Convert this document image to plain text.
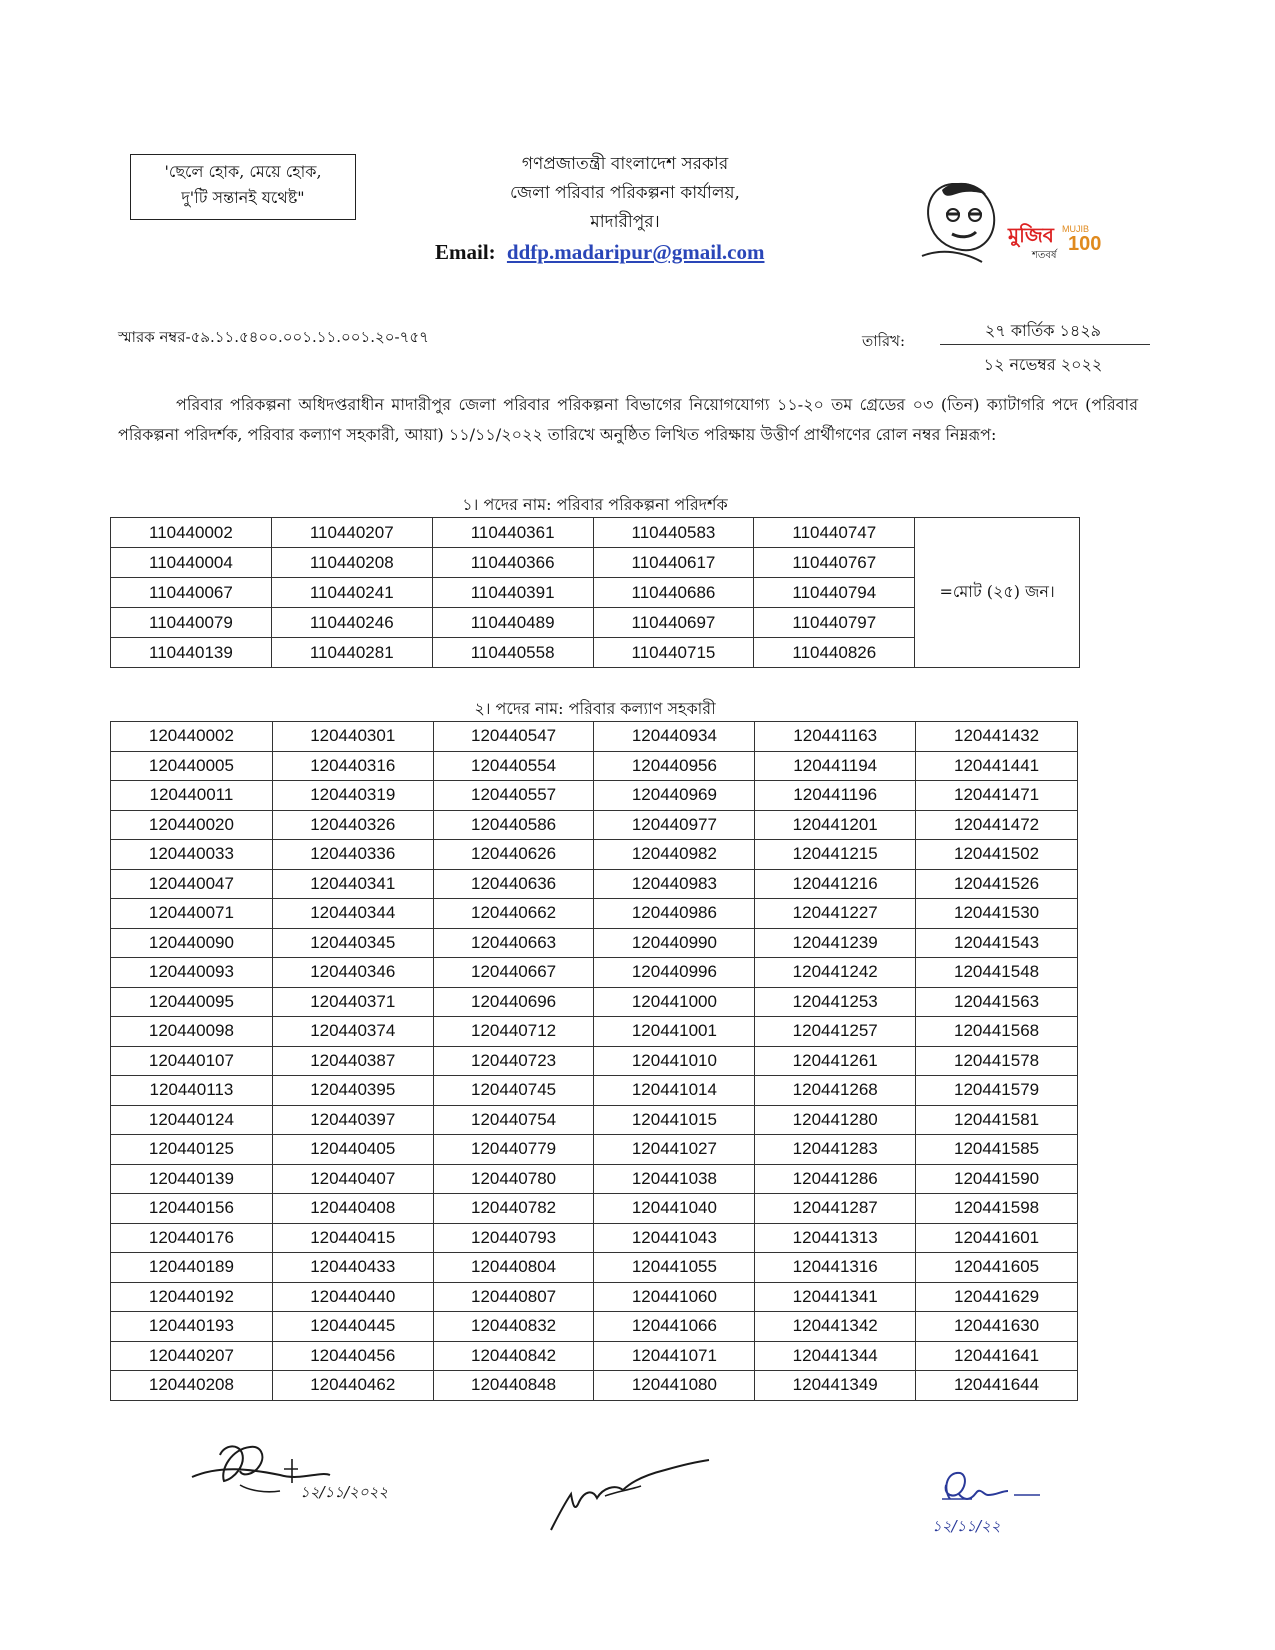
'ছেলে হোক, মেয়ে হোক,
দু'টি সন্তানই যথেষ্ট"
গণপ্রজাতন্ত্রী বাংলাদেশ সরকার
জেলা পরিবার পরিকল্পনা কার্যালয়,
মাদারীপুর।
Email: ddfp.madaripur@gmail.com
মুজিব
শতবর্ষ
MUJIB
100
স্মারক নম্বর-৫৯.১১.৫৪০০.০০১.১১.০০১.২০-৭৫৭	তারিখ:
২৭ কার্তিক ১৪২৯
১২ নভেম্বর ২০২২
পরিবার পরিকল্পনা অধিদপ্তরাধীন মাদারীপুর জেলা পরিবার পরিকল্পনা বিভাগের নিয়োগযোগ্য ১১-২০ তম গ্রেডের ০৩ (তিন) ক্যাটাগরি পদে (পরিবার পরিকল্পনা পরিদর্শক, পরিবার কল্যাণ সহকারী, আয়া) ১১/১১/২০২২ তারিখে অনুষ্ঠিত লিখিত পরিক্ষায় উত্তীর্ণ প্রার্থীগণের রোল নম্বর নিম্নরূপ:
১। পদের নাম: পরিবার পরিকল্পনা পরিদর্শক
110440002	110440207	110440361	110440583	110440747	=মোট (২৫) জন।
110440004	110440208	110440366	110440617	110440767	
110440067	110440241	110440391	110440686	110440794	
110440079	110440246	110440489	110440697	110440797	
110440139	110440281	110440558	110440715	110440826	
২। পদের নাম: পরিবার কল্যাণ সহকারী
120440002	120440301	120440547	120440934	120441163	120441432
120440005	120440316	120440554	120440956	120441194	120441441
120440011	120440319	120440557	120440969	120441196	120441471
120440020	120440326	120440586	120440977	120441201	120441472
120440033	120440336	120440626	120440982	120441215	120441502
120440047	120440341	120440636	120440983	120441216	120441526
120440071	120440344	120440662	120440986	120441227	120441530
120440090	120440345	120440663	120440990	120441239	120441543
120440093	120440346	120440667	120440996	120441242	120441548
120440095	120440371	120440696	120441000	120441253	120441563
120440098	120440374	120440712	120441001	120441257	120441568
120440107	120440387	120440723	120441010	120441261	120441578
120440113	120440395	120440745	120441014	120441268	120441579
120440124	120440397	120440754	120441015	120441280	120441581
120440125	120440405	120440779	120441027	120441283	120441585
120440139	120440407	120440780	120441038	120441286	120441590
120440156	120440408	120440782	120441040	120441287	120441598
120440176	120440415	120440793	120441043	120441313	120441601
120440189	120440433	120440804	120441055	120441316	120441605
120440192	120440440	120440807	120441060	120441341	120441629
120440193	120440445	120440832	120441066	120441342	120441630
120440207	120440456	120440842	120441071	120441344	120441641
120440208	120440462	120440848	120441080	120441349	120441644
১২/১১/২০২২
১২/১১/২২
